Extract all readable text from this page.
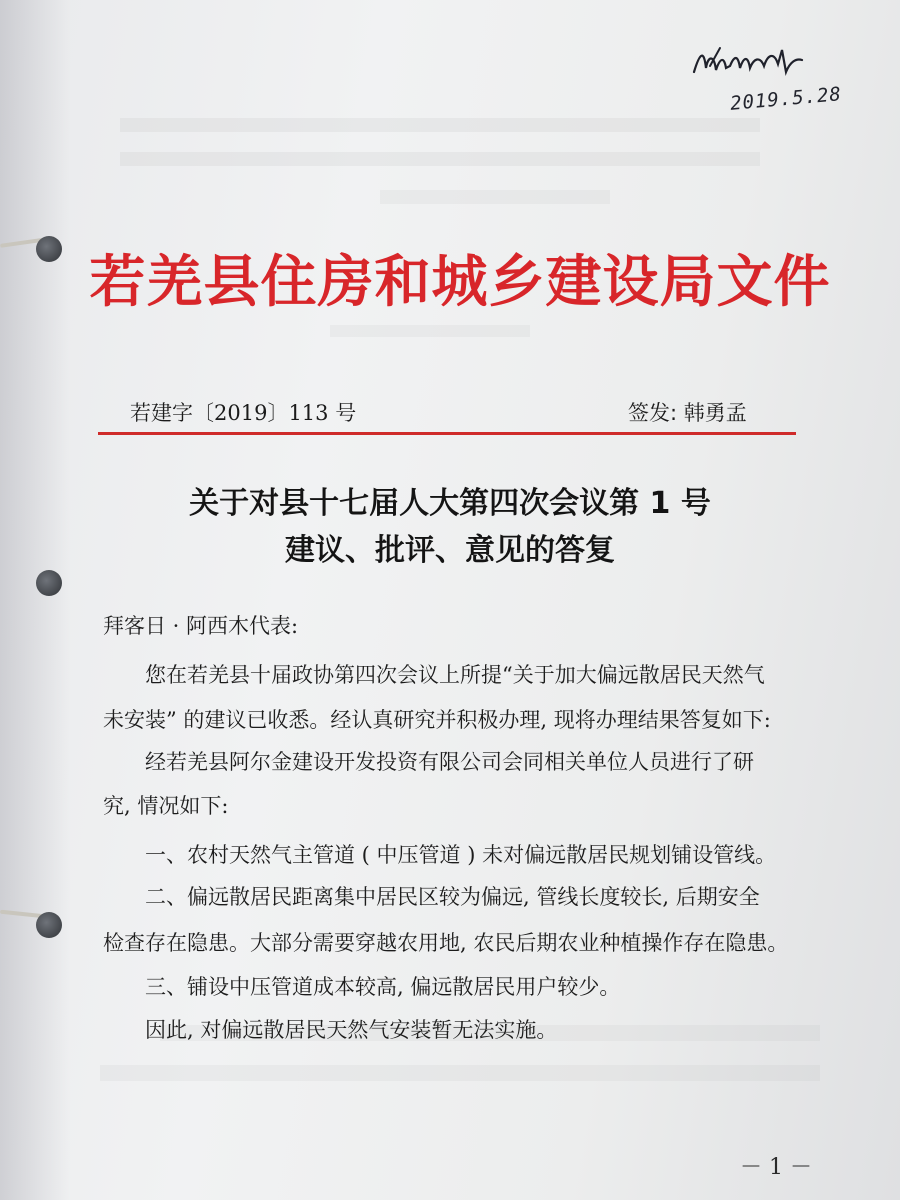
2019.5.28
若羌县住房和城乡建设局文件
若建字〔2019〕113 号	签发: 韩勇孟
关于对县十七届人大第四次会议第 1 号
建议、批评、意见的答复
拜客日 · 阿西木代表:
您在若羌县十届政协第四次会议上所提“关于加大偏远散居民天然气
未安装” 的建议已收悉。经认真研究并积极办理, 现将办理结果答复如下:
经若羌县阿尔金建设开发投资有限公司会同相关单位人员进行了研
究, 情况如下:
一、农村天然气主管道 ( 中压管道 ) 未对偏远散居民规划铺设管线。
二、偏远散居民距离集中居民区较为偏远, 管线长度较长, 后期安全
检查存在隐患。大部分需要穿越农用地, 农民后期农业种植操作存在隐患。
三、铺设中压管道成本较高, 偏远散居民用户较少。
因此, 对偏远散居民天然气安装暂无法实施。
－ 1 －
